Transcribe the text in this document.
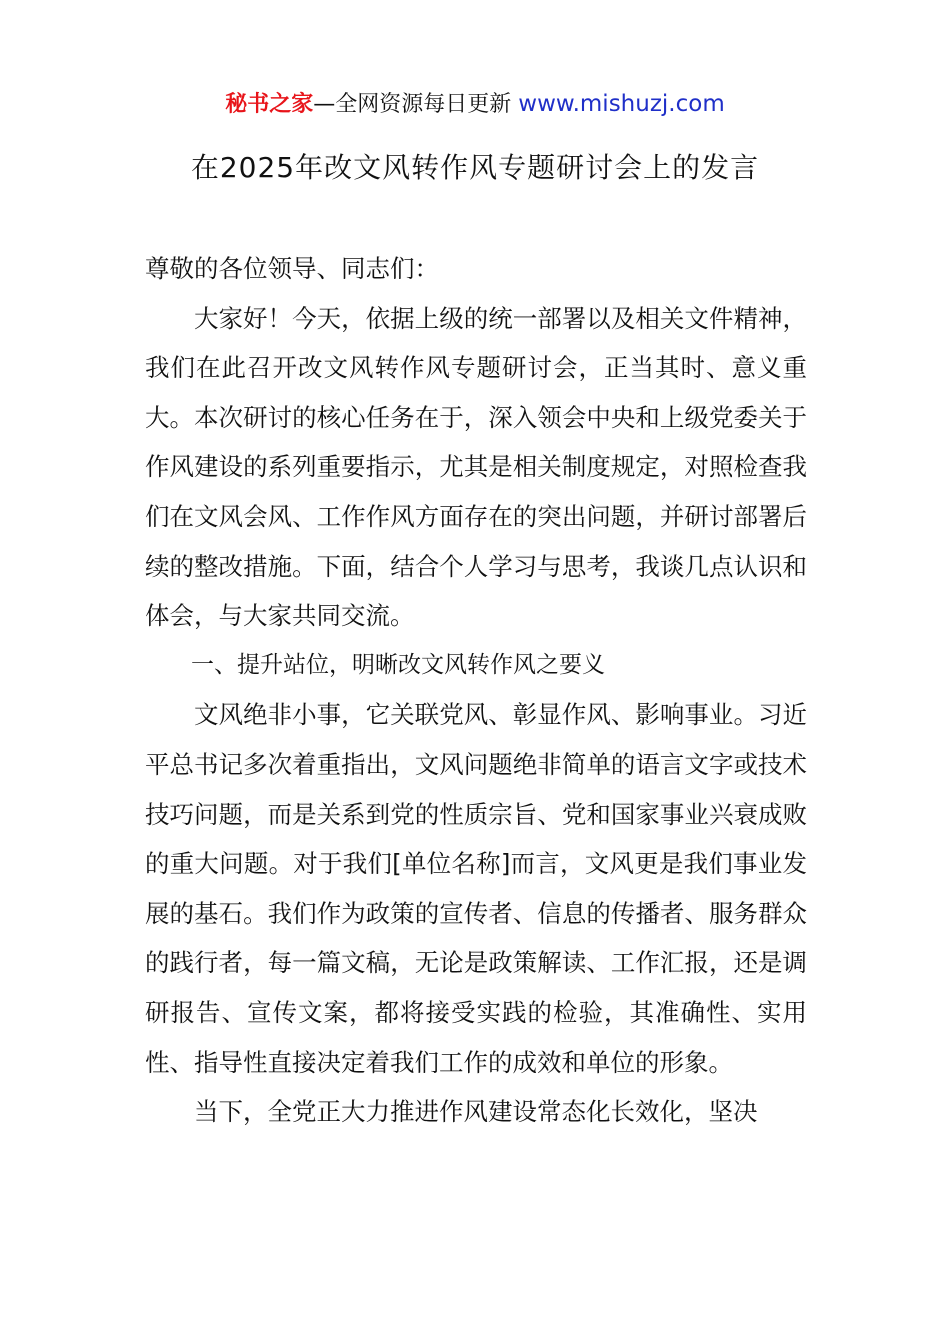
秘书之家—全网资源每日更新 www.mishuzj.com
在2025年改文风转作风专题研讨会上的发言

尊敬的各位领导、同志们：

大家好！今天，依据上级的统一部署以及相关文件精神，我们在此召开改文风转作风专题研讨会，正当其时、意义重大。本次研讨的核心任务在于，深入领会中央和上级党委关于作风建设的系列重要指示，尤其是相关制度规定，对照检查我们在文风会风、工作作风方面存在的突出问题，并研讨部署后续的整改措施。下面，结合个人学习与思考，我谈几点认识和体会，与大家共同交流。

一、提升站位，明晰改文风转作风之要义

文风绝非小事，它关联党风、彰显作风、影响事业。习近平总书记多次着重指出，文风问题绝非简单的语言文字或技术技巧问题，而是关系到党的性质宗旨、党和国家事业兴衰成败的重大问题。对于我们[单位名称]而言，文风更是我们事业发展的基石。我们作为政策的宣传者、信息的传播者、服务群众的践行者，每一篇文稿，无论是政策解读、工作汇报，还是调研报告、宣传文案，都将接受实践的检验，其准确性、实用性、指导性直接决定着我们工作的成效和单位的形象。

当下，全党正大力推进作风建设常态化长效化，坚决
